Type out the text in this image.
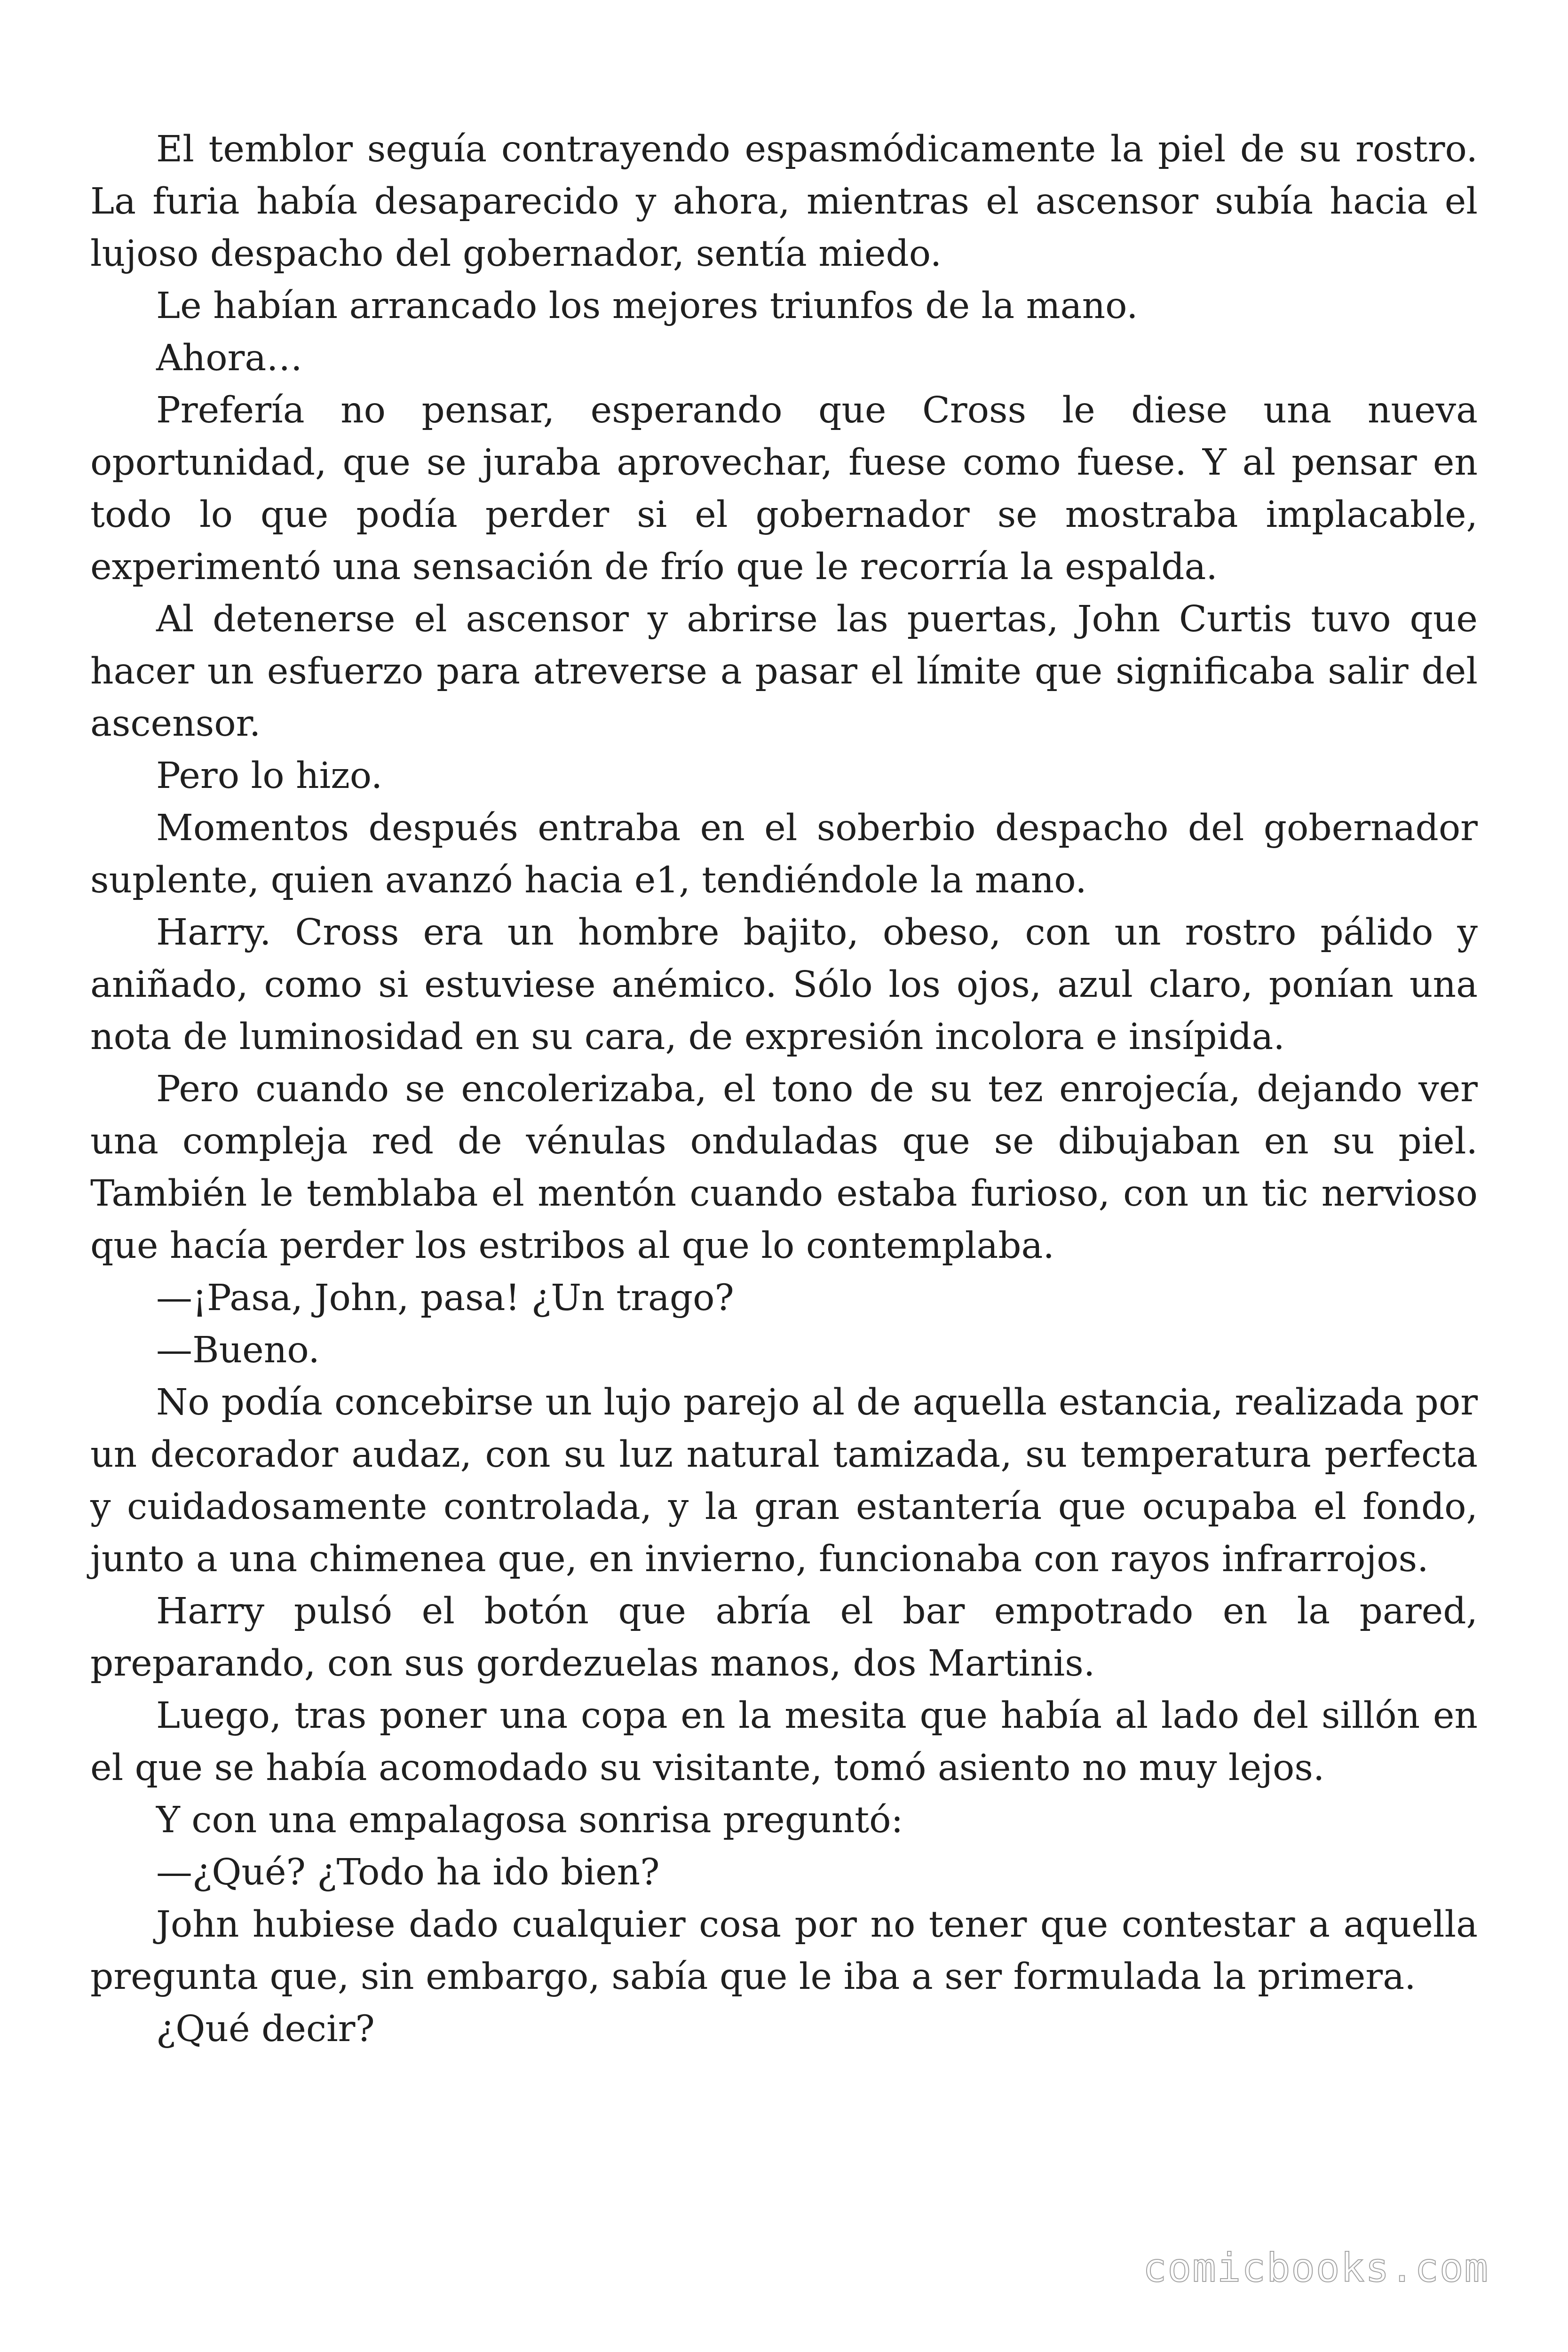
El temblor seguía contrayendo espasmódicamente la piel de su rostro. La furia había desaparecido y ahora, mientras el ascensor subía hacia el lujoso despacho del gobernador, sentía miedo.

Le habían arrancado los mejores triunfos de la mano.

Ahora…

Prefería no pensar, esperando que Cross le diese una nueva oportunidad, que se juraba aprovechar, fuese como fuese. Y al pensar en todo lo que podía perder si el gobernador se mostraba implacable, experimentó una sensación de frío que le recorría la espalda.

Al detenerse el ascensor y abrirse las puertas, John Curtis tuvo que hacer un esfuerzo para atreverse a pasar el límite que significaba salir del ascensor.

Pero lo hizo.

Momentos después entraba en el soberbio despacho del gobernador suplente, quien avanzó hacia e1, tendiéndole la mano.

Harry. Cross era un hombre bajito, obeso, con un rostro pálido y aniñado, como si estuviese anémico. Sólo los ojos, azul claro, ponían una nota de luminosidad en su cara, de expresión incolora e insípida.

Pero cuando se encolerizaba, el tono de su tez enrojecía, dejando ver una compleja red de vénulas onduladas que se dibujaban en su piel. También le temblaba el mentón cuando estaba furioso, con un tic nervioso que hacía perder los estribos al que lo contemplaba.

—¡Pasa, John, pasa! ¿Un trago?

—Bueno.

No podía concebirse un lujo parejo al de aquella estancia, realizada por un decorador audaz, con su luz natural tamizada, su temperatura perfecta y cuidadosamente controlada, y la gran estantería que ocupaba el fondo, junto a una chimenea que, en invierno, funcionaba con rayos infrarrojos.

Harry pulsó el botón que abría el bar empotrado en la pared, preparando, con sus gordezuelas manos, dos Martinis.

Luego, tras poner una copa en la mesita que había al lado del sillón en el que se había acomodado su visitante, tomó asiento no muy lejos.

Y con una empalagosa sonrisa preguntó:

—¿Qué? ¿Todo ha ido bien?

John hubiese dado cualquier cosa por no tener que contestar a aquella pregunta que, sin embargo, sabía que le iba a ser formulada la primera.

¿Qué decir?

comicbooks.com
